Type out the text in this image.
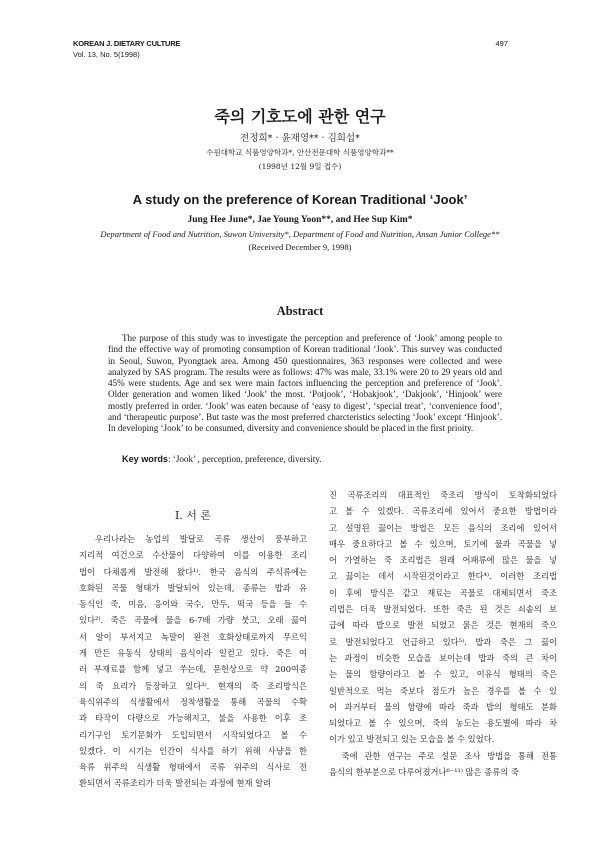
KOREAN J. DIETARY CULTURE
Vol. 13, No. 5(1998)
497
죽의 기호도에 관한 연구
전정희* · 윤재영** · 김희섭*
수원대학교 식품영양학과*, 안산전문대학 식품영양학과**
(1998년 12월 9일 접수)
A study on the preference of Korean Traditional ‘Jook’
Jung Hee June*, Jae Young Yoon**, and Hee Sup Kim*
Department of Food and Nutrition, Suwon University*, Department of Food and Nutrition, Ansan Junior College**
(Received December 9, 1998)
Abstract
The purpose of this study was to investigate the perception and preference of ‘Jook’ among people to find the effective way of promoting consumption of Korean traditional ‘Jook’. This survey was conducted in Seoul, Suwon, Pyongtaek area. Among 450 questionnaires, 363 responses were collected and were analyzed by SAS program. The results were as follows: 47% was male, 33.1% were 20 to 29 years old and 45% were students. Age and sex were main factors influencing the perception and preference of ‘Jook’. Older generation and women liked ‘Jook’ the most. ‘Potjook’, ‘Hobakjook’, ‘Dakjook’, ‘Hinjook’ were mostly preferred in order. ‘Jook’ was eaten because of ‘easy to digest’, ‘special treat’, ‘convenience food’, and ‘therapeutic purpose’. But taste was the most preferred charcteristics selecting ‘Jook’ except ‘Hinjook’. In developing ‘Jook’ to be consumed, diversity and convenience should be placed in the first prioity.
Key words: ‘Jook’ , perception, preference, diversity.
I. 서 론
　우리나라는 농업의 발달로 곡류 생산이 풍부하고
지리적 여건으로 수산물이 다양하여 이를 이용한 조리
법이 다채롭게 발전해 왔다¹⁾. 한국 음식의 주식류에는
호화된 곡물 형태가 발달되어 있는데, 종류는 밥과 유
동식인 죽, 미음, 응이와 국수, 만두, 떡국 등을 들 수
있다²⁾. 죽은 곡물에 물을 6-7배 가량 붓고, 오래 끓여
서 알이 부서지고 녹말이 완전 호화상태로까지 무르익
게 만든 유동식 상태의 음식이라 일컫고 있다. 죽은 여
러 부재료를 함께 넣고 쑤는데, 문헌상으로 약 200여종
의 죽 요리가 등장하고 있다³⁾. 현재의 죽 조리방식은
육식위주의 식생활에서 정착생활을 통해 곡물의 수확
과 타작이 다량으로 가능해지고, 불을 사용한 이후 조
리기구인 토기문화가 도입되면서 시작되었다고 볼 수
있겠다. 이 시기는 인간이 식사를 하기 위해 사냥을 한
육류 위주의 식생활 형태에서 곡류 위주의 식사로 전
환되면서 곡류조리가 더욱 발전되는 과정에 현재 알려
진 곡류조리의 대표적인 죽조리 방식이 토착화되었다
고 볼 수 있겠다. 곡류조리에 있어서 중요한 방법이라
고 설명된 끓이는 방법은 모든 음식의 조리에 있어서
매우 중요하다고 볼 수 있으며, 토기에 물과 곡물을 넣
어 가열하는 죽 조리법은 원래 어패류에 많은 물을 넣
고 끓이는 데서 시작된것이라고 한다⁴⁾. 이러한 조리법
이 후에 방식은 같고 재료는 곡물로 대체되면서 죽조
리법은 더욱 발전되었다. 또한 죽은 된 것은 쇠솥의 보
급에 따라 밥으로 발전 되었고 묽은 것은 현재의 죽으
로 발전되었다고 언급하고 있다⁵⁾. 밥과 죽은 그 끓이
는 과정이 비슷한 모습을 보이는데 밥과 죽의 큰 차이
는 물의 함량이라고 볼 수 있고, 이유식 형태의 죽은
일반적으로 먹는 죽보다 점도가 높은 경우를 볼 수 있
어 과거부터 물의 함량에 따라 죽과 밥의 형태도 분화
되었다고 볼 수 있으며, 죽의 농도는 용도별에 따라 차
이가 있고 발전되고 있는 모습을 볼 수 있었다.
　죽에 관한 연구는 주로 설문 조사 방법을 통해 전통
음식의 한부분으로 다루어졌거나⁶⁻¹¹⁾ 많은 종류의 죽
